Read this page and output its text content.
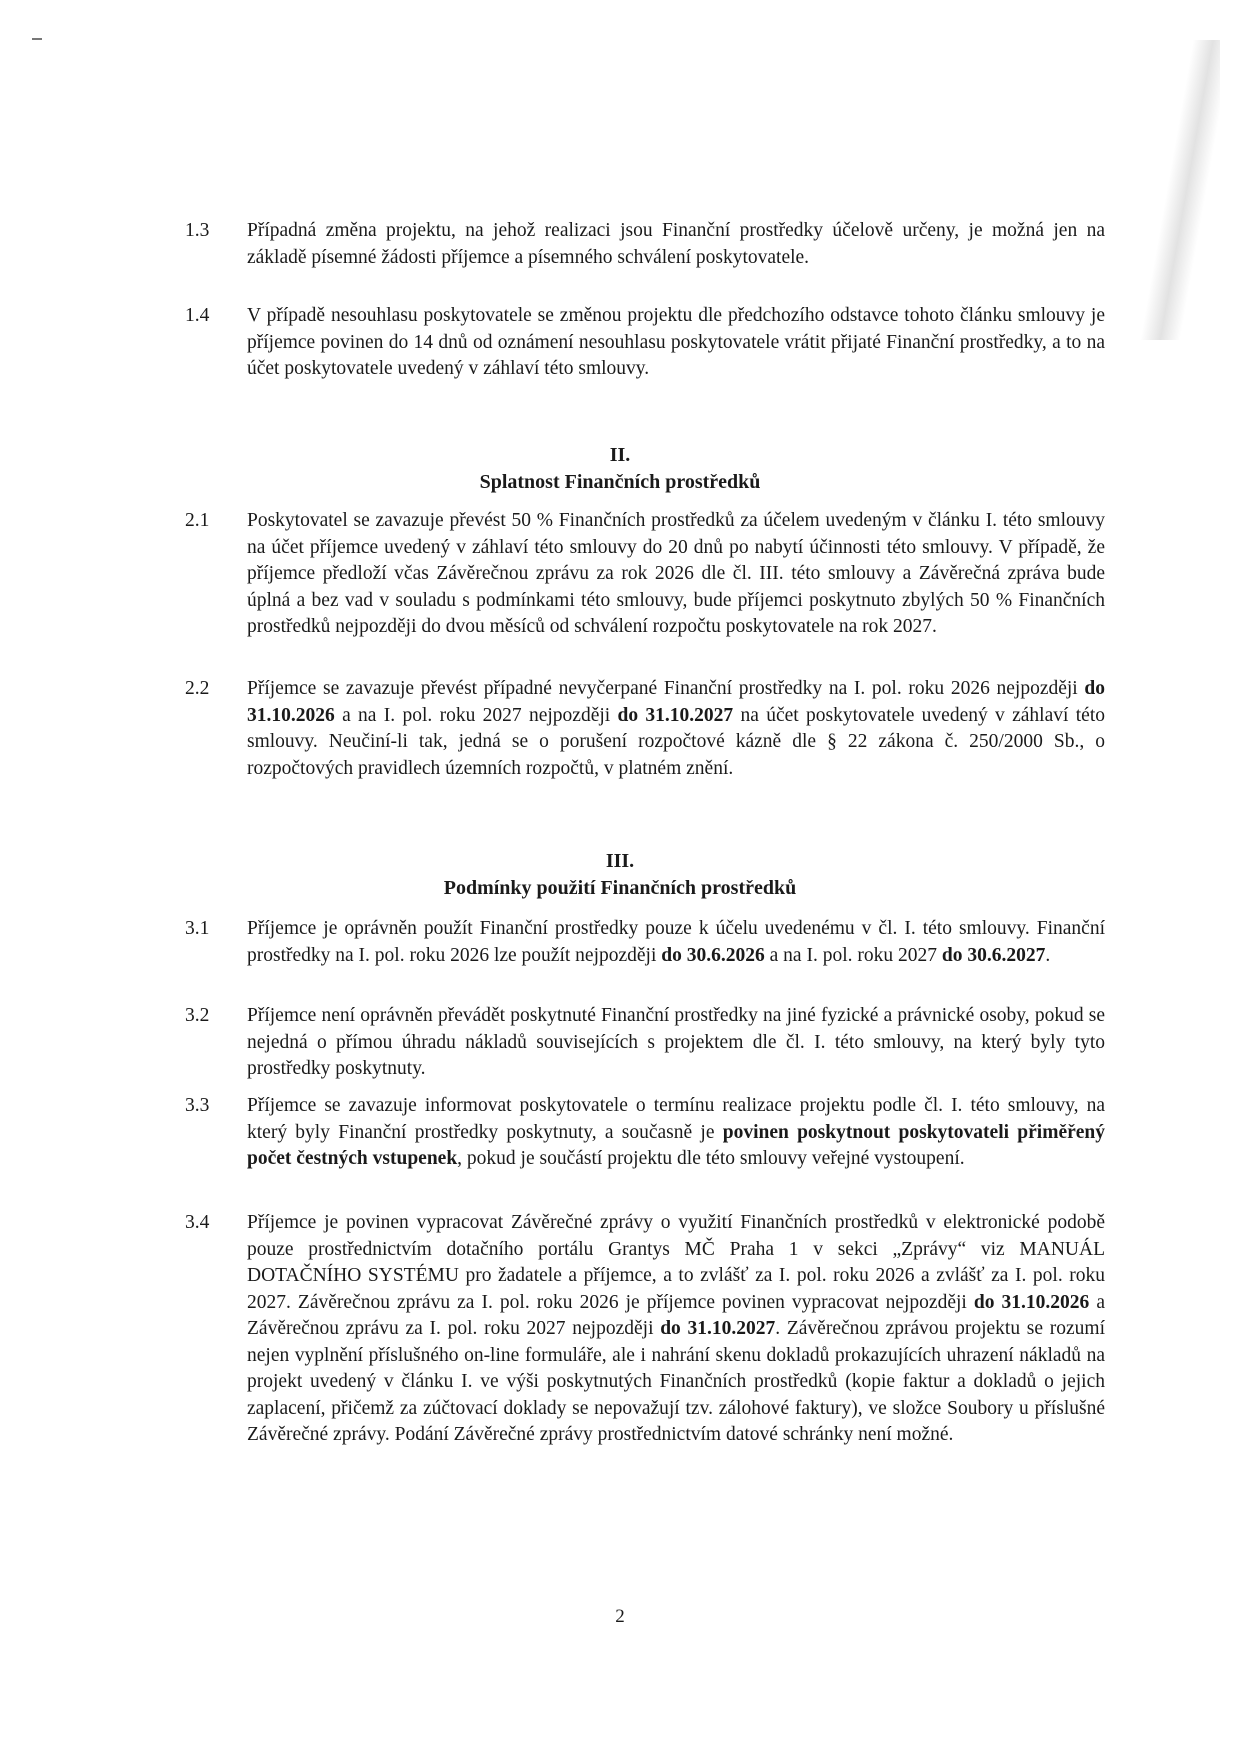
1.3	Případná změna projektu, na jehož realizaci jsou Finanční prostředky účelově určeny, je možná jen na základě písemné žádosti příjemce a písemného schválení poskytovatele.
1.4	V případě nesouhlasu poskytovatele se změnou projektu dle předchozího odstavce tohoto článku smlouvy je příjemce povinen do 14 dnů od oznámení nesouhlasu poskytovatele vrátit přijaté Finanční prostředky, a to na účet poskytovatele uvedený v záhlaví této smlouvy.
II.
Splatnost Finančních prostředků
2.1	Poskytovatel se zavazuje převést 50 % Finančních prostředků za účelem uvedeným v článku I. této smlouvy na účet příjemce uvedený v záhlaví této smlouvy do 20 dnů po nabytí účinnosti této smlouvy. V případě, že příjemce předloží včas Závěrečnou zprávu za rok 2026 dle čl. III. této smlouvy a Závěrečná zpráva bude úplná a bez vad v souladu s podmínkami této smlouvy, bude příjemci poskytnuto zbylých 50 % Finančních prostředků nejpozději do dvou měsíců od schválení rozpočtu poskytovatele na rok 2027.
2.2	Příjemce se zavazuje převést případné nevyčerpané Finanční prostředky na I. pol. roku 2026 nejpozději do 31.10.2026 a na I. pol. roku 2027 nejpozději do 31.10.2027 na účet poskytovatele uvedený v záhlaví této smlouvy. Neučiní-li tak, jedná se o porušení rozpočtové kázně dle § 22 zákona č. 250/2000 Sb., o rozpočtových pravidlech územních rozpočtů, v platném znění.
III.
Podmínky použití Finančních prostředků
3.1	Příjemce je oprávněn použít Finanční prostředky pouze k účelu uvedenému v čl. I. této smlouvy. Finanční prostředky na I. pol. roku 2026 lze použít nejpozději do 30.6.2026 a na I. pol. roku 2027 do 30.6.2027.
3.2	Příjemce není oprávněn převádět poskytnuté Finanční prostředky na jiné fyzické a právnické osoby, pokud se nejedná o přímou úhradu nákladů souvisejících s projektem dle čl. I. této smlouvy, na který byly tyto prostředky poskytnuty.
3.3	Příjemce se zavazuje informovat poskytovatele o termínu realizace projektu podle čl. I. této smlouvy, na který byly Finanční prostředky poskytnuty, a současně je povinen poskytnout poskytovateli přiměřený počet čestných vstupenek, pokud je součástí projektu dle této smlouvy veřejné vystoupení.
3.4	Příjemce je povinen vypracovat Závěrečné zprávy o využití Finančních prostředků v elektronické podobě pouze prostřednictvím dotačního portálu Grantys MČ Praha 1 v sekci „Zprávy“ viz MANUÁL DOTAČNÍHO SYSTÉMU pro žadatele a příjemce, a to zvlášť za I. pol. roku 2026 a zvlášť za I. pol. roku 2027. Závěrečnou zprávu za I. pol. roku 2026 je příjemce povinen vypracovat nejpozději do 31.10.2026 a Závěrečnou zprávu za I. pol. roku 2027 nejpozději do 31.10.2027. Závěrečnou zprávou projektu se rozumí nejen vyplnění příslušného on-line formuláře, ale i nahrání skenu dokladů prokazujících uhrazení nákladů na projekt uvedený v článku I. ve výši poskytnutých Finančních prostředků (kopie faktur a dokladů o jejich zaplacení, přičemž za zúčtovací doklady se nepovažují tzv. zálohové faktury), ve složce Soubory u příslušné Závěrečné zprávy. Podání Závěrečné zprávy prostřednictvím datové schránky není možné.
2
